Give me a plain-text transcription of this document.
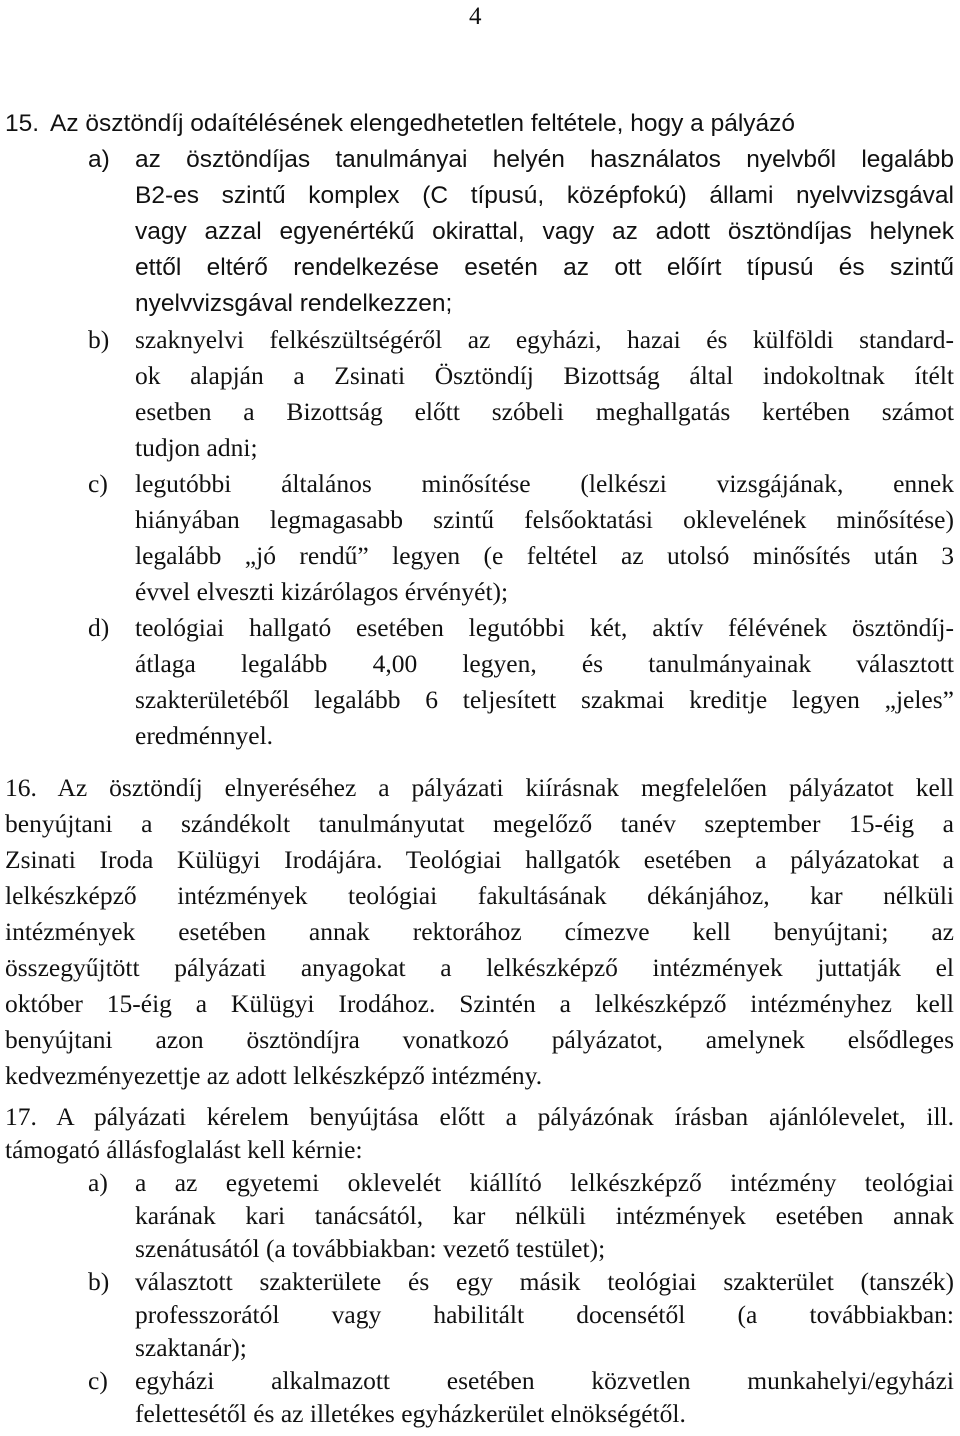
4
15. Az ösztöndíj odaítélésének elengedhetetlen feltétele, hogy a pályázó
a) az ösztöndíjas tanulmányai helyén használatos nyelvből legalább
B2-es szintű komplex (C típusú, középfokú) állami nyelvvizsgával
vagy azzal egyenértékű okirattal, vagy az adott ösztöndíjas helynek
ettől eltérő rendelkezése esetén az ott előírt típusú és szintű
nyelvvizsgával rendelkezzen;
b) szaknyelvi felkészültségéről az egyházi, hazai és külföldi standard-
ok alapján a Zsinati Ösztöndíj Bizottság által indokoltnak ítélt
esetben a Bizottság előtt szóbeli meghallgatás kertében számot
tudjon adni;
c) legutóbbi általános minősítése (lelkészi vizsgájának, ennek
hiányában legmagasabb szintű felsőoktatási oklevelének minősítése)
legalább „jó rendű” legyen (e feltétel az utolsó minősítés után 3
évvel elveszti kizárólagos érvényét);
d) teológiai hallgató esetében legutóbbi két, aktív félévének ösztöndíj-
átlaga legalább 4,00 legyen, és tanulmányainak választott
szakterületéből legalább 6 teljesített szakmai kreditje legyen „jeles”
eredménnyel.
16. Az ösztöndíj elnyeréséhez a pályázati kiírásnak megfelelően pályázatot kell
benyújtani a szándékolt tanulmányutat megelőző tanév szeptember 15-éig a
Zsinati Iroda Külügyi Irodájára. Teológiai hallgatók esetében a pályázatokat a
lelkészképző intézmények teológiai fakultásának dékánjához, kar nélküli
intézmények esetében annak rektorához címezve kell benyújtani; az
összegyűjtött pályázati anyagokat a lelkészképző intézmények juttatják el
október 15-éig a Külügyi Irodához. Szintén a lelkészképző intézményhez kell
benyújtani azon ösztöndíjra vonatkozó pályázatot, amelynek elsődleges
kedvezményezettje az adott lelkészképző intézmény.
17. A pályázati kérelem benyújtása előtt a pályázónak írásban ajánlólevelet, ill.
támogató állásfoglalást kell kérnie:
a) a az egyetemi oklevelét kiállító lelkészképző intézmény teológiai
karának kari tanácsától, kar nélküli intézmények esetében annak
szenátusától (a továbbiakban: vezető testület);
b) választott szakterülete és egy másik teológiai szakterület (tanszék)
professzorától vagy habilitált docensétől (a továbbiakban:
szaktanár);
c) egyházi alkalmazott esetében közvetlen munkahelyi/egyházi
felettesétől és az illetékes egyházkerület elnökségétől.
